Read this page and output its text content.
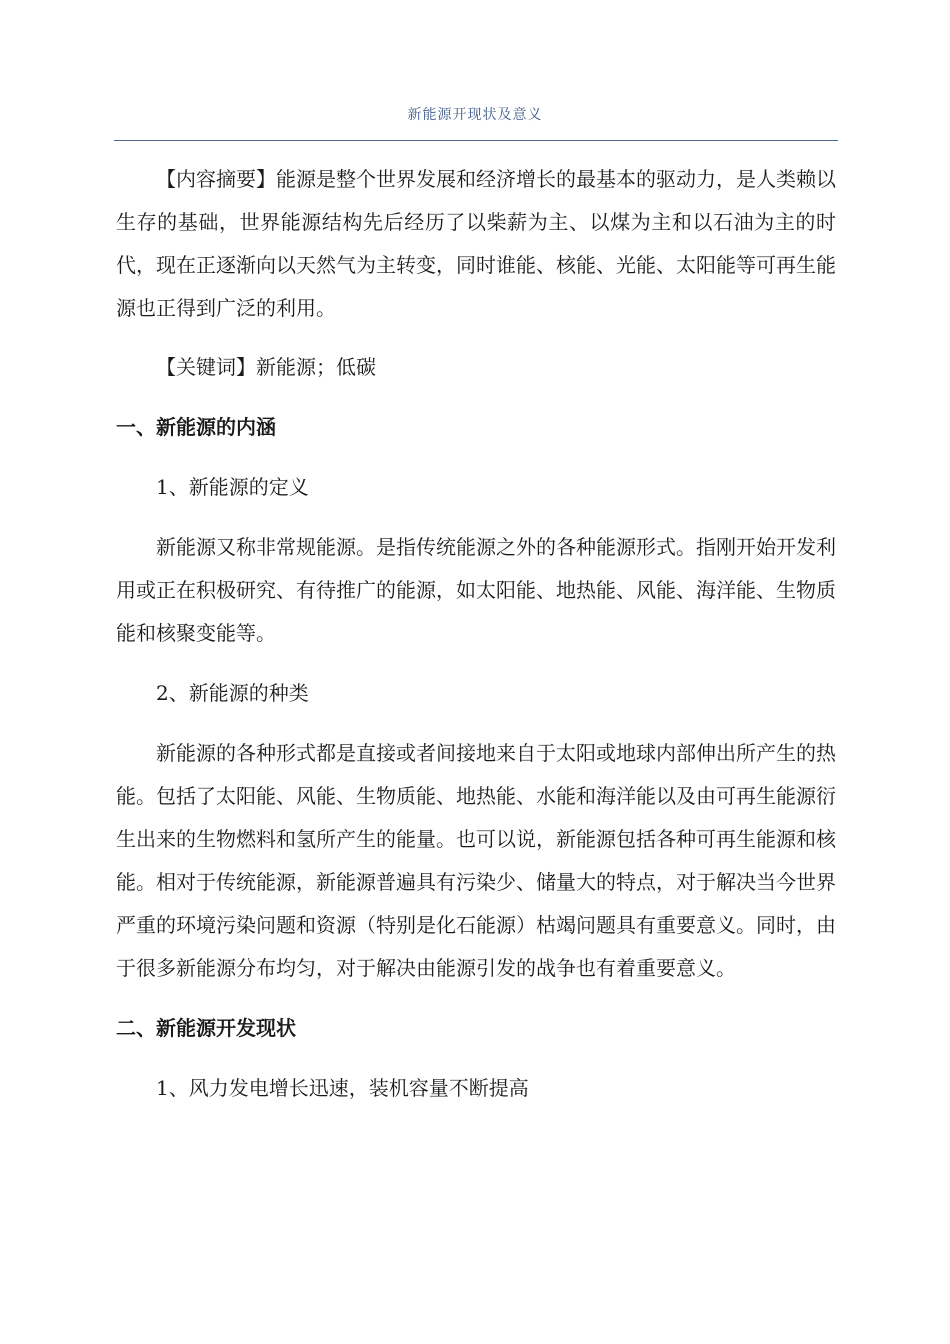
新能源开现状及意义

【内容摘要】能源是整个世界发展和经济增长的最基本的驱动力，是人类赖以生存的基础，世界能源结构先后经历了以柴薪为主、以煤为主和以石油为主的时代，现在正逐渐向以天然气为主转变，同时谁能、核能、光能、太阳能等可再生能源也正得到广泛的利用。

【关键词】新能源；低碳

一、新能源的内涵

1、新能源的定义

新能源又称非常规能源。是指传统能源之外的各种能源形式。指刚开始开发利用或正在积极研究、有待推广的能源，如太阳能、地热能、风能、海洋能、生物质能和核聚变能等。

2、新能源的种类

新能源的各种形式都是直接或者间接地来自于太阳或地球内部伸出所产生的热能。包括了太阳能、风能、生物质能、地热能、水能和海洋能以及由可再生能源衍生出来的生物燃料和氢所产生的能量。也可以说，新能源包括各种可再生能源和核能。相对于传统能源，新能源普遍具有污染少、储量大的特点，对于解决当今世界严重的环境污染问题和资源（特别是化石能源）枯竭问题具有重要意义。同时，由于很多新能源分布均匀，对于解决由能源引发的战争也有着重要意义。

二、新能源开发现状

1、风力发电增长迅速，装机容量不断提高
